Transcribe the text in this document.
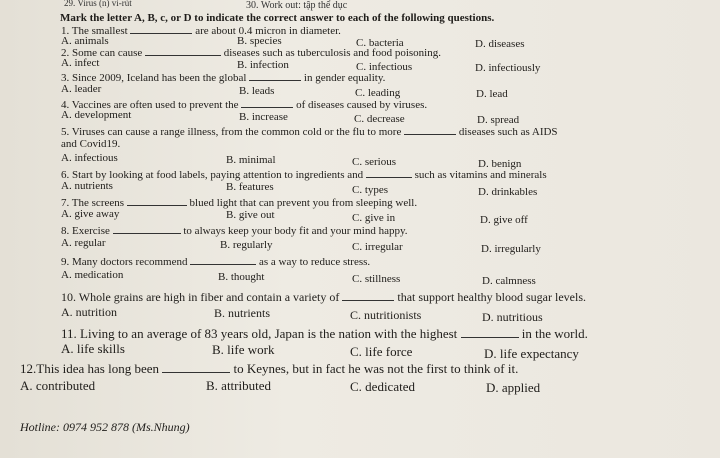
29. Virus (n) vi-rút	30. Work out: tập thể dục
Mark the letter A, B, c, or D to indicate the correct answer to each of the following questions.
1. The smallest	are about 0.4 micron in diameter.
A. animals	B. species	C. bacteria	D. diseases
2. Some can cause	diseases such as tuberculosis and food poisoning.
A. infect	B. infection	C. infectious	D. infectiously
3. Since 2009, Iceland has been the global	in gender equality.
A. leader	B. leads	C. leading	D. lead
4. Vaccines are often used to prevent the	of diseases caused by viruses.
A. development	B. increase	C. decrease	D. spread
5. Viruses can cause a range illness, from the common cold or the flu to more	diseases such as AIDS
and Covid19.
A. infectious	B. minimal	C. serious	D. benign
6. Start by looking at food labels, paying attention to ingredients and	such as vitamins and minerals
A. nutrients	B. features	C. types	D. drinkables
7. The screens	blued light that can prevent you from sleeping well.
A. give away	B. give out	C. give in	D. give off
8. Exercise	to always keep your body fit and your mind happy.
A. regular	B. regularly	C. irregular	D. irregularly
9. Many doctors recommend	as a way to reduce stress.
A. medication	B. thought	C. stillness	D. calmness
10. Whole grains are high in fiber and contain a variety of	that support healthy blood sugar levels.
A. nutrition	B. nutrients	C. nutritionists	D. nutritious
11. Living to an average of 83 years old, Japan is the nation with the highest	in the world.
A. life skills	B. life work	C. life force	D. life expectancy
12.This idea has long been	to Keynes, but in fact he was not the first to think of it.
A. contributed	B. attributed	C. dedicated	D. applied
Hotline: 0974 952 878 (Ms.Nhung)
